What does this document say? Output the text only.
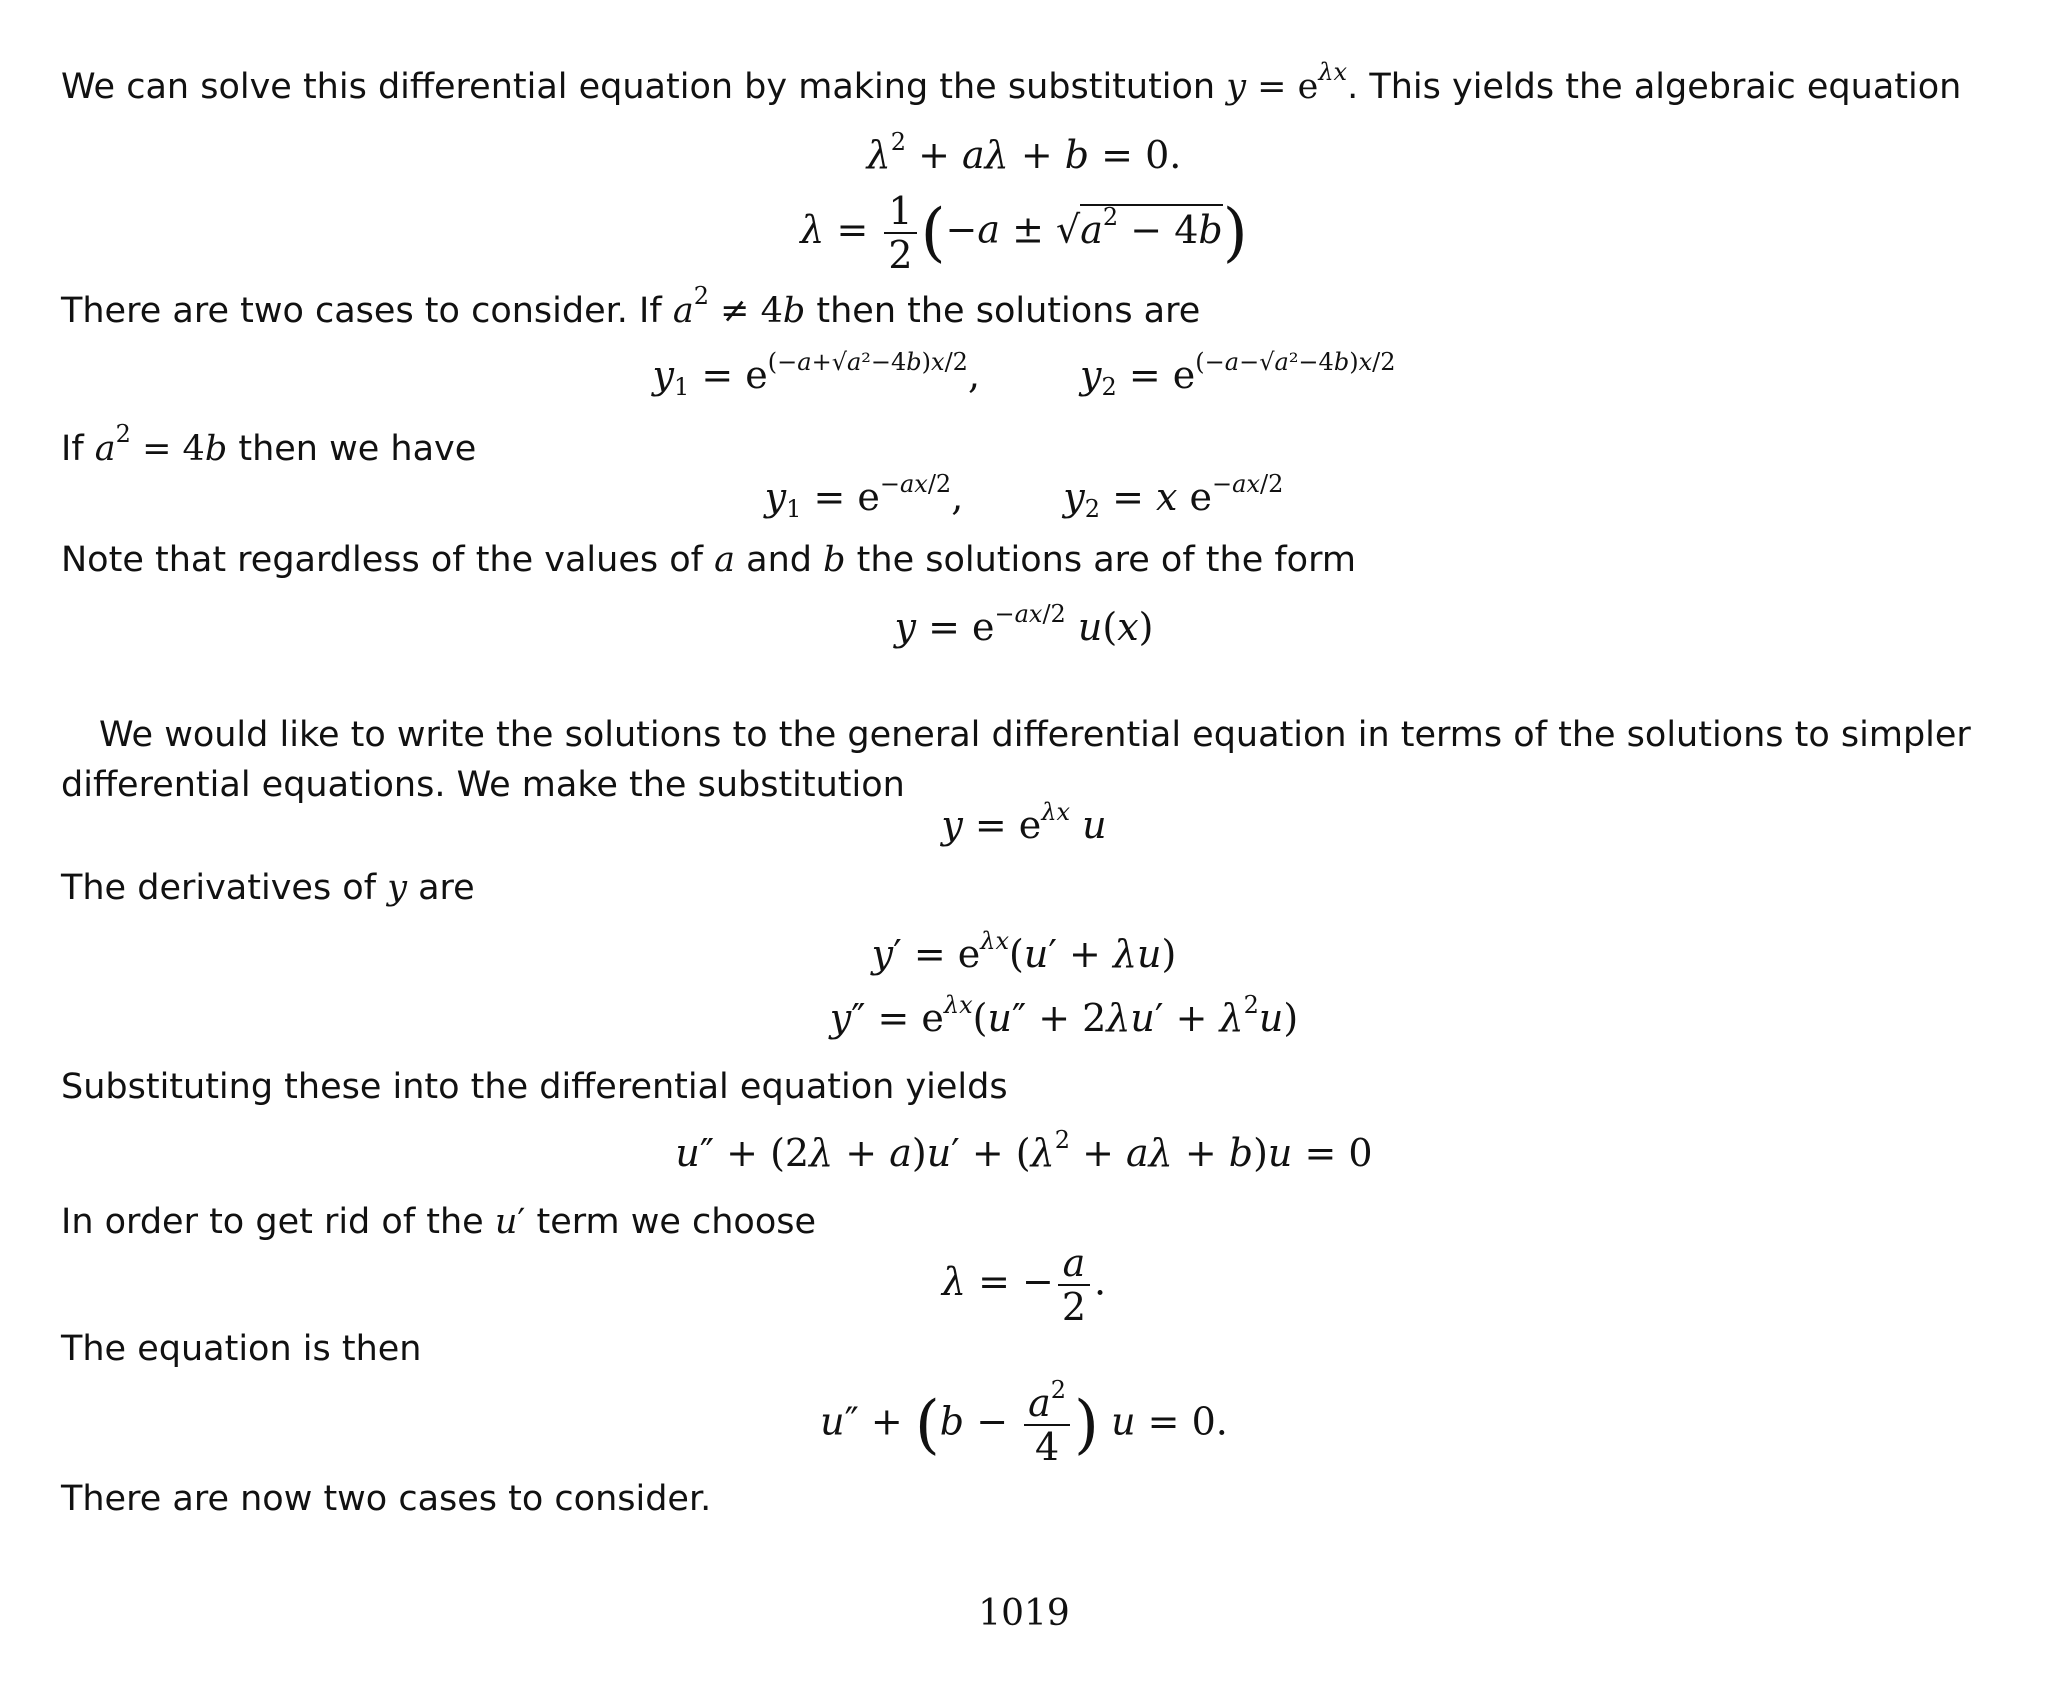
We can solve this differential equation by making the substitution $y = e^{\lambda x}$. This yields the algebraic equation
$\lambda^2 + a\lambda + b = 0$.
$\lambda = \frac{1}{2} (-a \pm √a^2 - 4b)$
There are two cases to consider. If $a^2 \ne 4b$ then the solutions are
$y_1 = e^{(-a+√a^2-4b)x/2}$,	$y_2 = e^{(-a-√a^2-4b)x/2}$
If $a^2 = 4b$ then we have
$y_1 = e^{-ax/2}$,	$y_2 = x$ $e^{-ax/2}$
Note that regardless of the values of a and b the solutions are of the form
$y = e^{-ax/2}$ u(x)
We would like to write the solutions to the general differential equation in terms of the solutions to simpler differential equations. We make the substitution
$y = e^{\lambda x}$ u
The derivatives of y are
$y' = e^{\lambda x}(u' + \lambda u)$
$y'' = e^{\lambda x}(u'' + 2\lambda u' + \lambda^2u)$
Substituting these into the differential equation yields
$u'' + (2\lambda + a)u' + (\lambda^2 + a\lambda + b)u = 0$
In order to get rid of the u′ term we choose
λ = − $\frac{a}{2}$ .
The equation is then
$u'' + (b - \frac{a^2}{4}$ ) u = 0.
There are now two cases to consider.
1019
